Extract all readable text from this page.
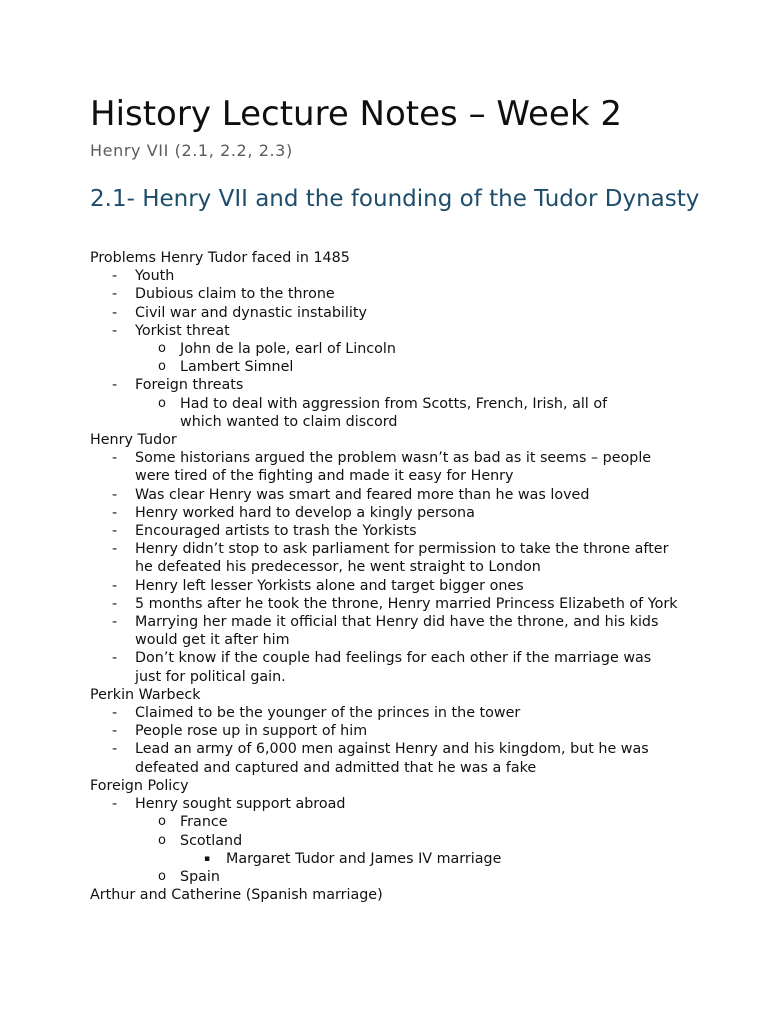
History Lecture Notes – Week 2

Henry VII (2.1, 2.2, 2.3)

2.1- Henry VII and the founding of the Tudor Dynasty

Problems Henry Tudor faced in 1485

- Youth
- Dubious claim to the throne
- Civil war and dynastic instability
- Yorkist threat
o John de la pole, earl of Lincoln
o Lambert Simnel
- Foreign threats
o Had to deal with aggression from Scotts, French, Irish, all of which wanted to claim discord

Henry Tudor

- Some historians argued the problem wasn’t as bad as it seems – people were tired of the fighting and made it easy for Henry
- Was clear Henry was smart and feared more than he was loved
- Henry worked hard to develop a kingly persona
- Encouraged artists to trash the Yorkists
- Henry didn’t stop to ask parliament for permission to take the throne after he defeated his predecessor, he went straight to London
- Henry left lesser Yorkists alone and target bigger ones
- 5 months after he took the throne, Henry married Princess Elizabeth of York
- Marrying her made it official that Henry did have the throne, and his kids would get it after him
- Don’t know if the couple had feelings for each other if the marriage was just for political gain.

Perkin Warbeck

- Claimed to be the younger of the princes in the tower
- People rose up in support of him
- Lead an army of 6,000 men against Henry and his kingdom, but he was defeated and captured and admitted that he was a fake

Foreign Policy

- Henry sought support abroad
o France
o Scotland
▪ Margaret Tudor and James IV marriage
o Spain

Arthur and Catherine (Spanish marriage)
